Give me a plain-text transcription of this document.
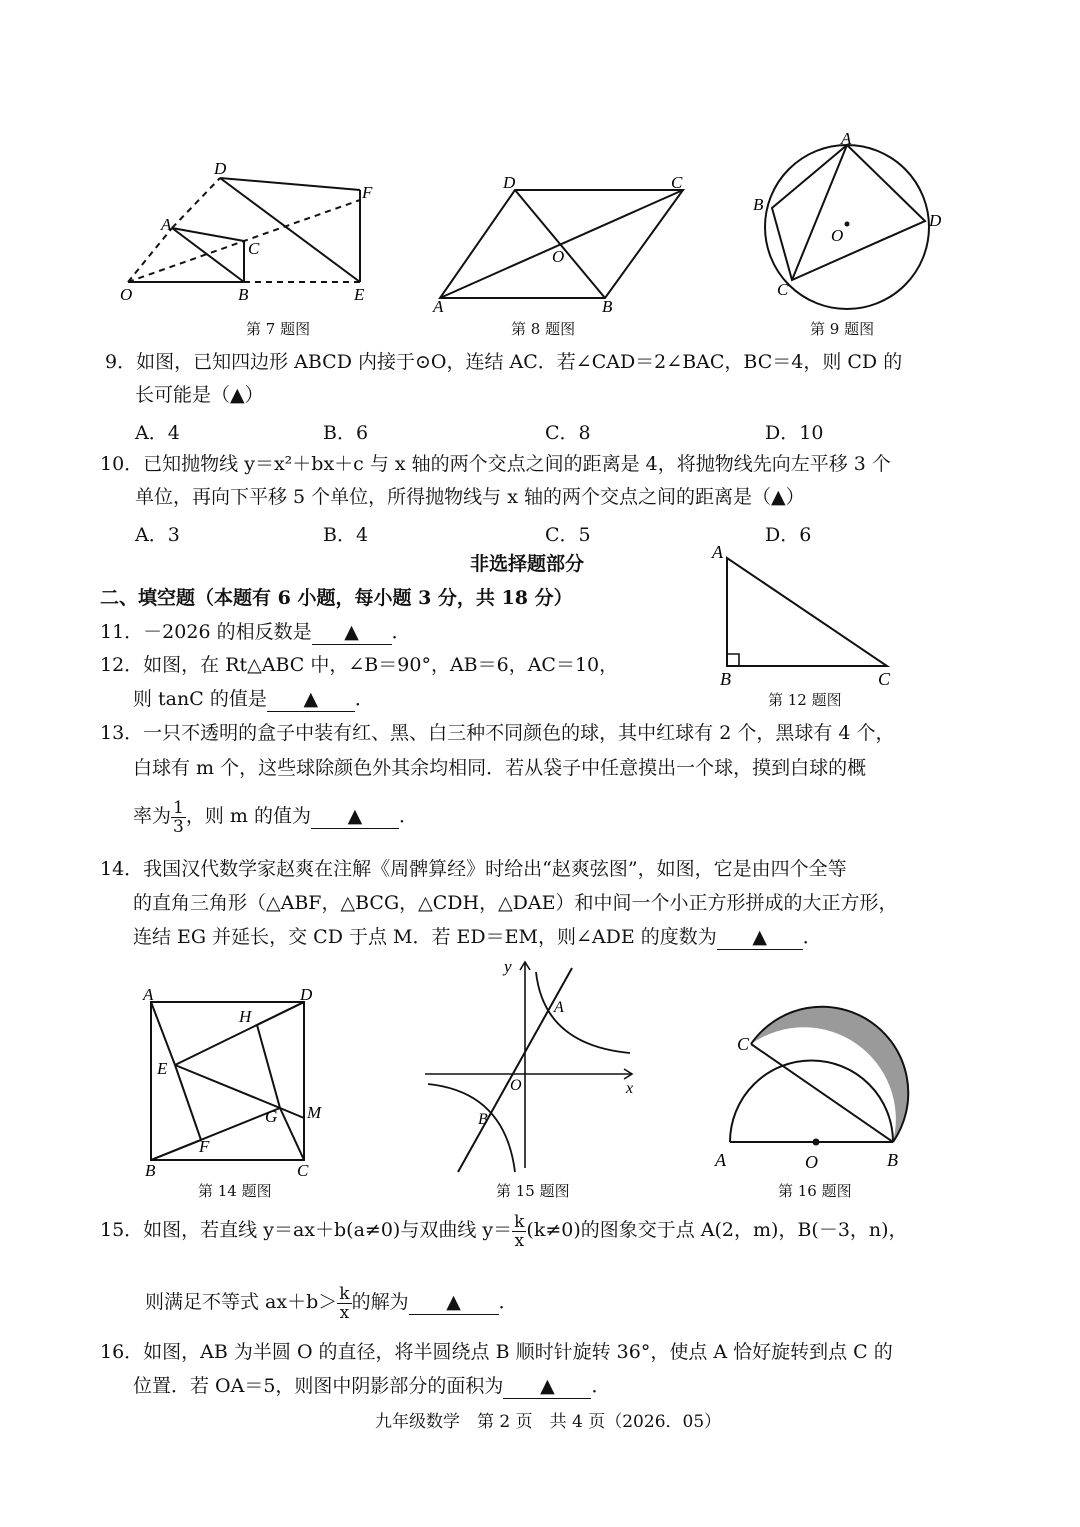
D
F
A
C
O	B	E
第 7 题图
D	C
O
A	B
第 8 题图
A
B
O
D
C
第 9 题图
9．如图，已知四边形 ABCD 内接于⊙O，连结 AC．若∠CAD＝2∠BAC，BC＝4，则 CD 的
长可能是（▲）
A．4	B．6	C．8	D．10
10．已知抛物线 y＝x²＋bx＋c 与 x 轴的两个交点之间的距离是 4，将抛物线先向左平移 3 个
单位，再向下平移 5 个单位，所得抛物线与 x 轴的两个交点之间的距离是（▲）
A．3	B．4	C．5	D．6
非选择题部分
二、填空题（本题有 6 小题，每小题 3 分，共 18 分）
A
B	C
第 12 题图
11．－2026 的相反数是 ▲ ．
12．如图，在 Rt△ABC 中，∠B＝90°，AB＝6，AC＝10，
则 tanC 的值是 ▲ ．
13．一只不透明的盒子中装有红、黑、白三种不同颜色的球，其中红球有 2 个，黑球有 4 个，
白球有 m 个，这些球除颜色外其余均相同．若从袋子中任意摸出一个球，摸到白球的概
率为 $\frac{1}{3}$ ，则 m 的值为 ▲ ．
14．我国汉代数学家赵爽在注解《周髀算经》时给出“赵爽弦图”，如图，它是由四个全等
的直角三角形（△ABF，△BCG，△CDH，△DAE）和中间一个小正方形拼成的大正方形，
连结 EG 并延长，交 CD 于点 M．若 ED＝EM，则∠ADE 的度数为 ▲ ．
A	D
H
E
G M
F
B	C
第 14 题图
y
A
O	x
B
第 15 题图
C
A	O	B
第 16 题图
15．如图，若直线 y＝ax＋b(a≠0)与双曲线 $y= \frac{k}{x} (k\ne 0)$的图象交于点 A(2，m)，B(－3，n)，
则满足不等式 $ax+b> \frac{k}{x}$ 的解为 ▲ ．
16．如图，AB 为半圆 O 的直径，将半圆绕点 B 顺时针旋转 36°，使点 A 恰好旋转到点 C 的
位置．若 OA＝5，则图中阴影部分的面积为 ▲ ．
九年级数学　第 2 页　共 4 页（2026．05）
